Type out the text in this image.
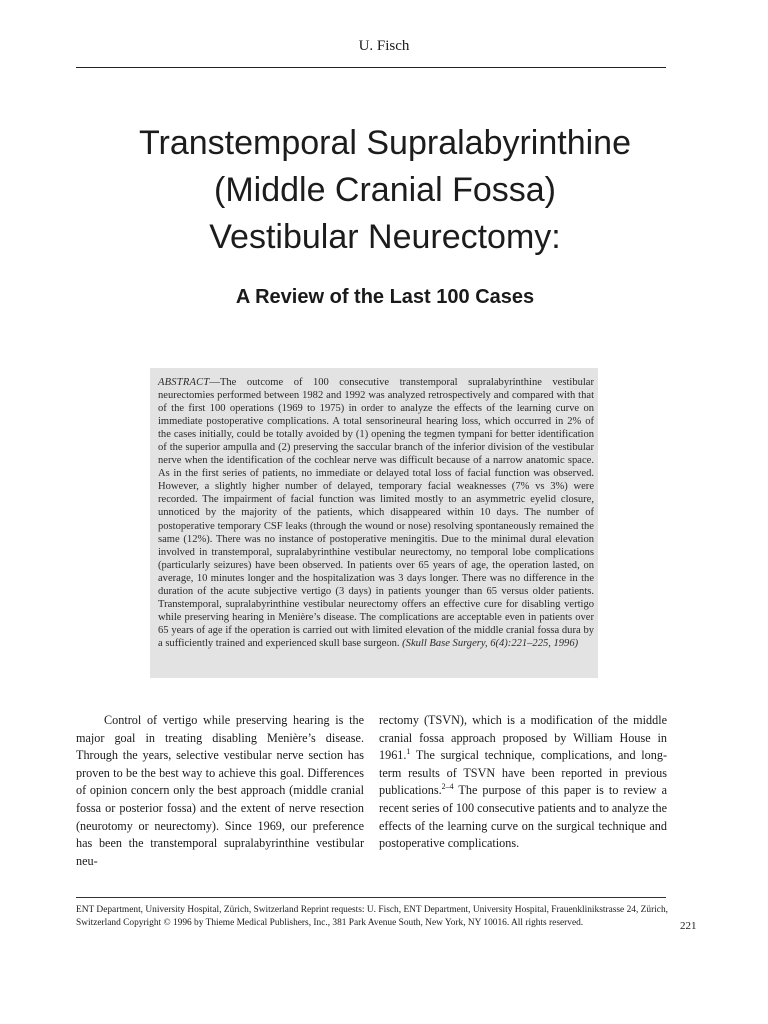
U. Fisch
Transtemporal Supralabyrinthine
(Middle Cranial Fossa)
Vestibular Neurectomy:
A Review of the Last 100 Cases

ABSTRACT—The outcome of 100 consecutive transtemporal supralabyrinthine vestibular neurectomies performed between 1982 and 1992 was analyzed retrospectively and compared with that of the first 100 operations (1969 to 1975) in order to analyze the effects of the learning curve on immediate postoperative complications. A total sensorineural hearing loss, which occurred in 2% of the cases initially, could be totally avoided by (1) opening the tegmen tympani for better identification of the superior ampulla and (2) preserving the saccular branch of the inferior division of the vestibular nerve when the identification of the cochlear nerve was difficult because of a narrow anatomic space. As in the first series of patients, no immediate or delayed total loss of facial function was observed. However, a slightly higher number of delayed, temporary facial weaknesses (7% vs 3%) were recorded. The impairment of facial function was limited mostly to an asymmetric eyelid closure, unnoticed by the majority of the patients, which disappeared within 10 days. The number of postoperative temporary CSF leaks (through the wound or nose) resolving spontaneously remained the same (12%). There was no instance of postoperative meningitis. Due to the minimal dural elevation involved in transtemporal, supralabyrinthine vestibular neurectomy, no temporal lobe complications (particularly seizures) have been observed. In patients over 65 years of age, the operation lasted, on average, 10 minutes longer and the hospitalization was 3 days longer. There was no difference in the duration of the acute subjective vertigo (3 days) in patients younger than 65 versus older patients. Transtemporal, supralabyrinthine vestibular neurectomy offers an effective cure for disabling vertigo while preserving hearing in Menière’s disease. The complications are acceptable even in patients over 65 years of age if the operation is carried out with limited elevation of the middle cranial fossa dura by a sufficiently trained and experienced skull base surgeon. (Skull Base Surgery, 6(4):221–225, 1996)

Control of vertigo while preserving hearing is the major goal in treating disabling Menière’s disease. Through the years, selective vestibular nerve section has proven to be the best way to achieve this goal. Differences of opinion concern only the best approach (middle cranial fossa or posterior fossa) and the extent of nerve resection (neurotomy or neurectomy). Since 1969, our preference has been the transtemporal supralabyrinthine vestibular neu-

rectomy (TSVN), which is a modification of the middle cranial fossa approach proposed by William House in 1961.$^1$ The surgical technique, complications, and long-term results of TSVN have been reported in previous publications.$^{2-4}$ The purpose of this paper is to review a recent series of 100 consecutive patients and to analyze the effects of the learning curve on the surgical technique and postoperative complications.

ENT Department, University Hospital, Zürich, Switzerland Reprint requests: U. Fisch, ENT Department, University Hospital, Frauenklinikstrasse 24, Zürich, Switzerland Copyright © 1996 by Thieme Medical Publishers, Inc., 381 Park Avenue South, New York, NY 10016. All rights reserved.	221
